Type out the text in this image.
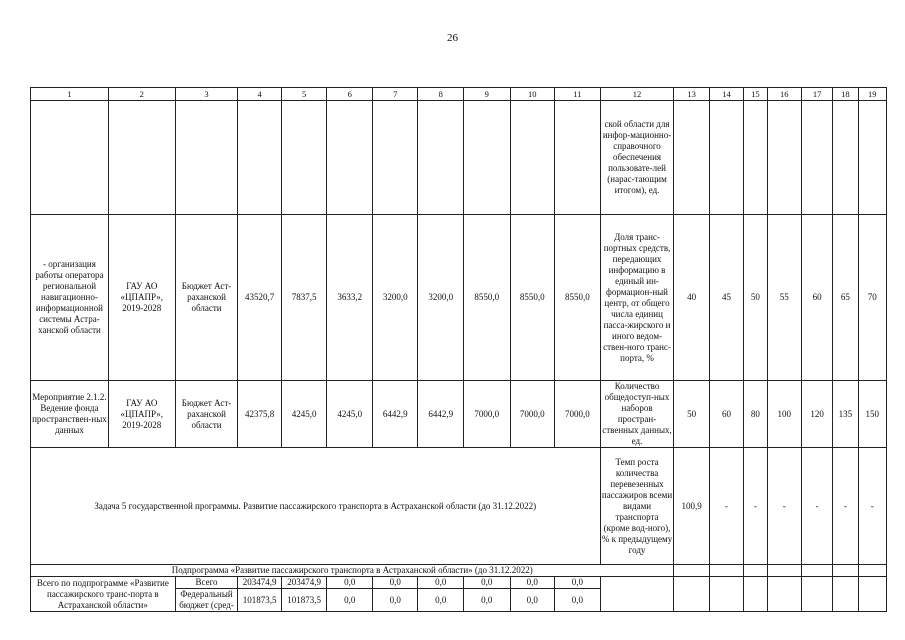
26
1	2	3	4	5	6	7	8	9	10	11	12	13	14	15	16	17	18	19
											ской области для инфор-мационно-справочного обеспечения пользовате-лей (нарас-тающим итогом), ед.							
- организация работы оператора региональной навигационно-информационной системы Астра-ханской области	ГАУ АО «ЦПАПР», 2019-2028	Бюджет Аст-раханской области	43520,7	7837,5	3633,2	3200,0	3200,0	8550,0	8550,0	8550,0	Доля транс-портных средств, передающих информацию в единый ин-формацион-ный центр, от общего числа единиц пасса-жирского и иного ведом-ствен-ного транс-порта, %	40	45	50	55	60	65	70
Мероприятие 2.1.2. Ведение фонда пространствен-ных данных	ГАУ АО «ЦПАПР», 2019-2028	Бюджет Аст-раханской области	42375,8	4245,0	4245,0	6442,9	6442,9	7000,0	7000,0	7000,0	Количество общедоступ-ных наборов простран-ственных данных, ед.	50	60	80	100	120	135	150
Задача 5 государственной программы. Развитие пассажирского транспорта в Астраханской области (до 31.12.2022)											Темп роста количества перевезенных пассажиров всеми видами транспорта (кроме вод-ного), % к предыдущему году	100,9	-	-	-	-	-	-
Подпрограмма «Развитие пассажирского транспорта в Астраханской области» (до 31.12.2022)																		
Всего по подпрограмме «Развитие пассажирского транс-порта в Астраханской области»		Всего	203474,9	203474,9	0,0	0,0	0,0	0,0	0,0	0,0								
		Федеральный бюджет (сред-	101873,5	101873,5	0,0	0,0	0,0	0,0	0,0	0,0								
